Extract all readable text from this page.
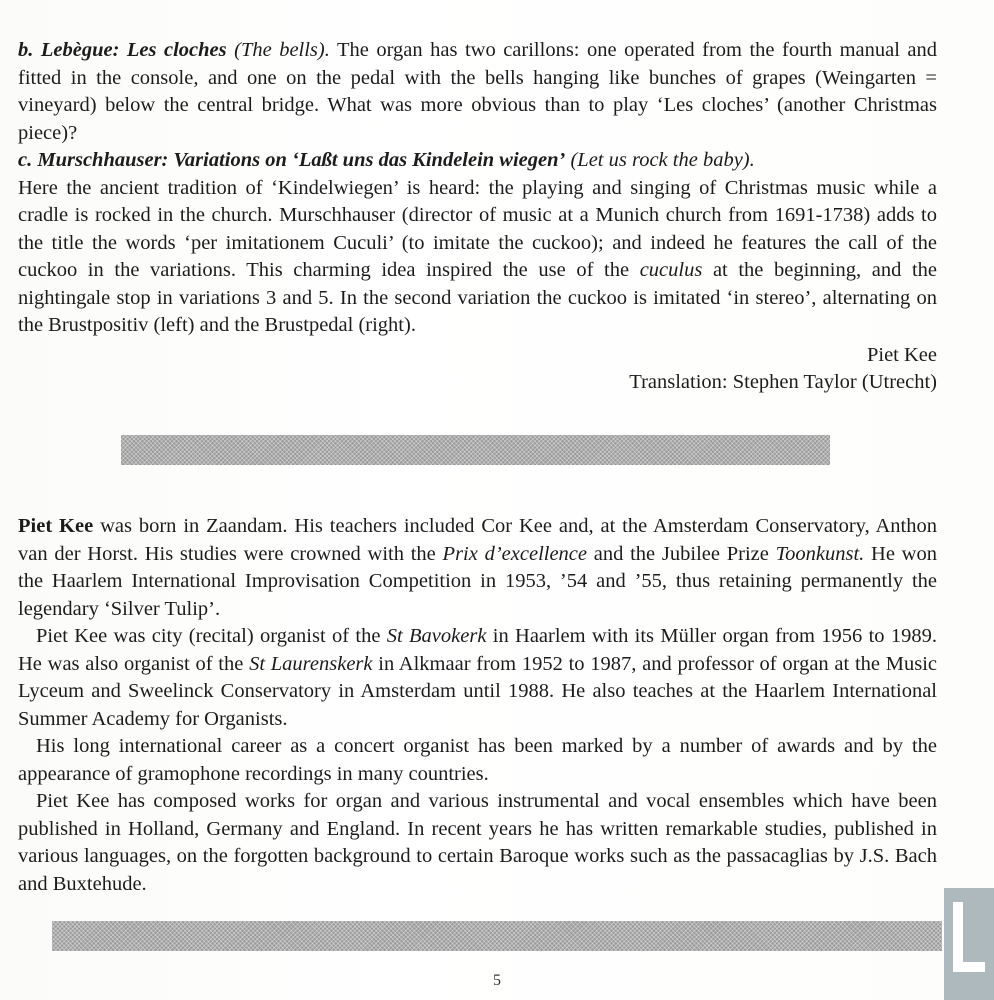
b. Lebègue: Les cloches (The bells). The organ has two carillons: one operated from the fourth manual and fitted in the console, and one on the pedal with the bells hanging like bunches of grapes (Weingarten = vineyard) below the central bridge. What was more obvious than to play ‘Les cloches’ (another Christmas piece)?

c. Murschhauser: Variations on ‘Laßt uns das Kindelein wiegen’ (Let us rock the baby).

Here the ancient tradition of ‘Kindelwiegen’ is heard: the playing and singing of Christmas music while a cradle is rocked in the church. Murschhauser (director of music at a Munich church from 1691-1738) adds to the title the words ‘per imitationem Cuculi’ (to imitate the cuckoo); and indeed he features the call of the cuckoo in the variations. This charming idea inspired the use of the cuculus at the beginning, and the nightingale stop in variations 3 and 5. In the second variation the cuckoo is imitated ‘in stereo’, alternating on the Brustpositiv (left) and the Brustpedal (right).

Piet Kee

Translation: Stephen Taylor (Utrecht)

Piet Kee was born in Zaandam. His teachers included Cor Kee and, at the Amsterdam Conservatory, Anthon van der Horst. His studies were crowned with the Prix d’excellence and the Jubilee Prize Toonkunst. He won the Haarlem International Improvisation Competition in 1953, ’54 and ’55, thus retaining permanently the legendary ‘Silver Tulip’.

Piet Kee was city (recital) organist of the St Bavokerk in Haarlem with its Müller organ from 1956 to 1989. He was also organist of the St Laurenskerk in Alkmaar from 1952 to 1987, and professor of organ at the Music Lyceum and Sweelinck Conservatory in Amsterdam until 1988. He also teaches at the Haarlem International Summer Academy for Organists.

His long international career as a concert organist has been marked by a number of awards and by the appearance of gramophone recordings in many countries.

Piet Kee has composed works for organ and various instrumental and vocal ensembles which have been published in Holland, Germany and England. In recent years he has written remarkable studies, published in various languages, on the forgotten background to certain Baroque works such as the passacaglias by J.S. Bach and Buxtehude.

5
